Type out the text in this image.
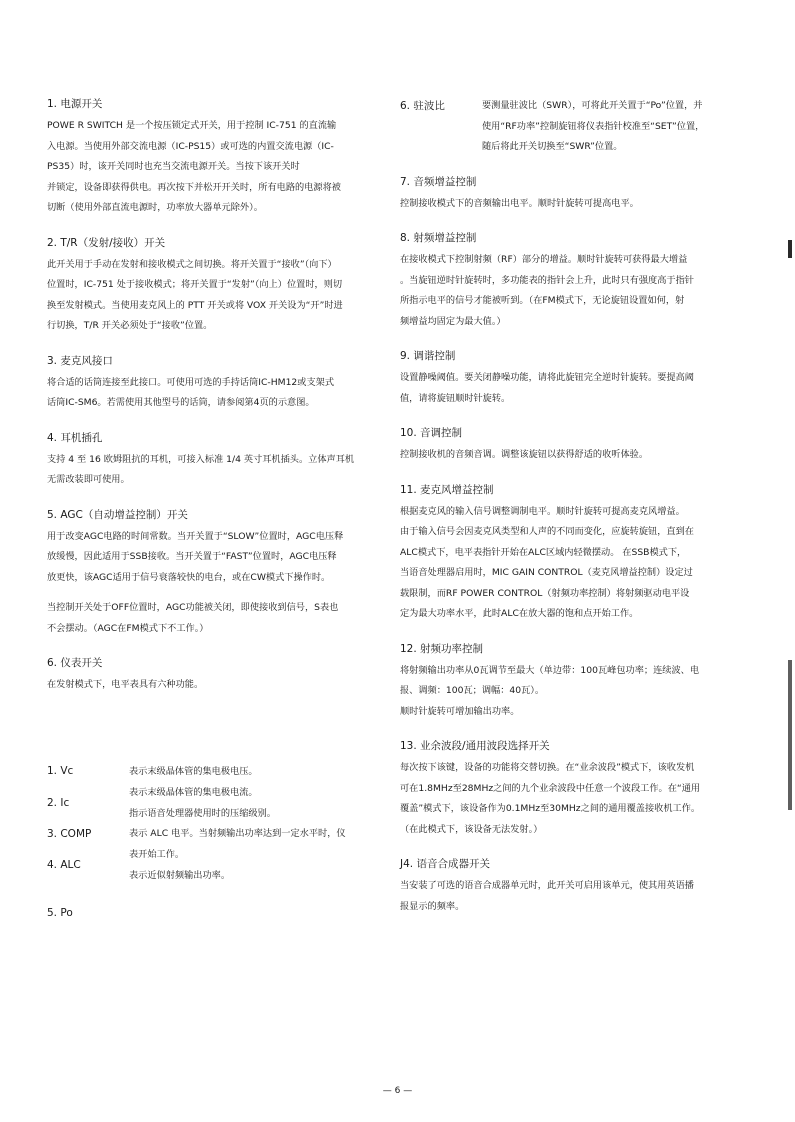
1. 电源开关
POWE R SWITCH 是一个按压锁定式开关，用于控制 IC-751 的直流输
入电源。当使用外部交流电源（IC-PS15）或可选的内置交流电源（IC-
PS35）时，该开关同时也充当交流电源开关。当按下该开关时
并锁定，设备即获得供电。再次按下并松开开关时，所有电路的电源将被
切断（使用外部直流电源时，功率放大器单元除外）。
2. T/R（发射/接收）开关
此开关用于手动在发射和接收模式之间切换。将开关置于“接收”（向下）
位置时，IC-751 处于接收模式；将开关置于“发射”（向上）位置时，则切
换至发射模式。当使用麦克风上的 PTT 开关或将 VOX 开关设为“开”时进
行切换，T/R 开关必须处于“接收”位置。
3. 麦克风接口
将合适的话筒连接至此接口。可使用可选的手持话筒IC-HM12或支架式
话筒IC-SM6。若需使用其他型号的话筒，请参阅第4页的示意图。
4. 耳机插孔
支持 4 至 16 欧姆阻抗的耳机，可接入标准 1/4 英寸耳机插头。立体声耳机
无需改装即可使用。
5. AGC（自动增益控制）开关
用于改变AGC电路的时间常数。当开关置于“SLOW”位置时，AGC电压释
放缓慢，因此适用于SSB接收。当开关置于“FAST”位置时，AGC电压释
放更快，该AGC适用于信号衰落较快的电台，或在CW模式下操作时。
当控制开关处于OFF位置时，AGC功能被关闭，即使接收到信号，S表也
不会摆动。（AGC在FM模式下不工作。）
6. 仪表开关
在发射模式下，电平表具有六种功能。
1. Vc
2. Ic
3. COMP
4. ALC
5. Po
表示末级晶体管的集电极电压。
表示末级晶体管的集电极电流。
指示语音处理器使用时的压缩级别。
表示 ALC 电平。当射频输出功率达到一定水平时，仪
表开始工作。
表示近似射频输出功率。
6. 驻波比	要测量驻波比（SWR），可将此开关置于“Po”位置，并
使用“RF功率”控制旋钮将仪表指针校准至“SET”位置，
随后将此开关切换至“SWR”位置。
7. 音频增益控制
控制接收模式下的音频输出电平。顺时针旋转可提高电平。
8. 射频增益控制
在接收模式下控制射频（RF）部分的增益。顺时针旋转可获得最大增益
。当旋钮逆时针旋转时，多功能表的指针会上升，此时只有强度高于指针
所指示电平的信号才能被听到。（在FM模式下，无论旋钮设置如何，射
频增益均固定为最大值。）
9. 调谐控制
设置静噪阈值。要关闭静噪功能，请将此旋钮完全逆时针旋转。要提高阈
值，请将旋钮顺时针旋转。
10. 音调控制
控制接收机的音频音调。调整该旋钮以获得舒适的收听体验。
11. 麦克风增益控制
根据麦克风的输入信号调整调制电平。顺时针旋转可提高麦克风增益。
由于输入信号会因麦克风类型和人声的不同而变化，应旋转旋钮，直到在
ALC模式下，电平表指针开始在ALC区域内轻微摆动。 在SSB模式下，
当语音处理器启用时，MIC GAIN CONTROL（麦克风增益控制）设定过
载限制，而RF POWER CONTROL（射频功率控制）将射频驱动电平设
定为最大功率水平，此时ALC在放大器的饱和点开始工作。
12. 射频功率控制
将射频输出功率从0瓦调节至最大（单边带：100瓦峰包功率；连续波、电
报、调频：100瓦；调幅：40瓦）。
顺时针旋转可增加输出功率。
13. 业余波段/通用波段选择开关
每次按下该键，设备的功能将交替切换。在“业余波段”模式下，该收发机
可在1.8MHz至28MHz之间的九个业余波段中任意一个波段工作。在“通用
覆盖”模式下，该设备作为0.1MHz至30MHz之间的通用覆盖接收机工作。
（在此模式下，该设备无法发射。）
J4. 语音合成器开关
当安装了可选的语音合成器单元时，此开关可启用该单元，使其用英语播
报显示的频率。
— 6 —
